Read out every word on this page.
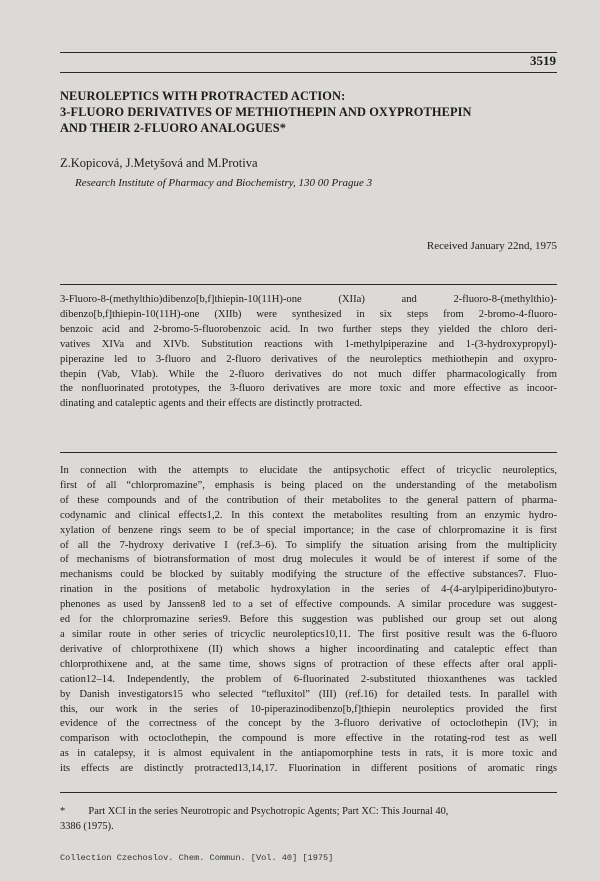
3519
NEUROLEPTICS WITH PROTRACTED ACTION:
3-FLUORO DERIVATIVES OF METHIOTHEPIN AND OXYPROTHEPIN
AND THEIR 2-FLUORO ANALOGUES*
Z.Kopicová, J.Metyšová and M.Protiva
Research Institute of Pharmacy and Biochemistry, 130 00 Prague 3
Received January 22nd, 1975
3-Fluoro-8-(methylthio)dibenzo[b,f]thiepin-10(11H)-one (XIIa) and 2-fluoro-8-(methylthio)-
dibenzo[b,f]thiepin-10(11H)-one (XIIb) were synthesized in six steps from 2-bromo-4-fluoro-
benzoic acid and 2-bromo-5-fluorobenzoic acid. In two further steps they yielded the chloro deri-
vatives XIVa and XIVb. Substitution reactions with 1-methylpiperazine and 1-(3-hydroxypropyl)-
piperazine led to 3-fluoro and 2-fluoro derivatives of the neuroleptics methiothepin and oxypro-
thepin (Vab, VIab). While the 2-fluoro derivatives do not much differ pharmacologically from
the nonfluorinated prototypes, the 3-fluoro derivatives are more toxic and more effective as incoor-
dinating and cataleptic agents and their effects are distinctly protracted.
In connection with the attempts to elucidate the antipsychotic effect of tricyclic neuroleptics,
first of all “chlorpromazine”, emphasis is being placed on the understanding of the metabolism
of these compounds and of the contribution of their metabolites to the general pattern of pharma-
codynamic and clinical effects1,2. In this context the metabolites resulting from an enzymic hydro-
xylation of benzene rings seem to be of special importance; in the case of chlorpromazine it is first
of all the 7-hydroxy derivative I (ref.3–6). To simplify the situation arising from the multiplicity
of mechanisms of biotransformation of most drug molecules it would be of interest if some of the
mechanisms could be blocked by suitably modifying the structure of the effective substances7. Fluo-
rination in the positions of metabolic hydroxylation in the series of 4-(4-arylpiperidino)butyro-
phenones as used by Janssen8 led to a set of effective compounds. A similar procedure was suggest-
ed for the chlorpromazine series9. Before this suggestion was published our group set out along
a similar route in other series of tricyclic neuroleptics10,11. The first positive result was the 6-fluoro
derivative of chlorprothixene (II) which shows a higher incoordinating and cataleptic effect than
chlorprothixene and, at the same time, shows signs of protraction of these effects after oral appli-
cation12–14. Independently, the problem of 6-fluorinated 2-substituted thioxanthenes was tackled
by Danish investigators15 who selected “tefluxitol” (III) (ref.16) for detailed tests. In parallel with
this, our work in the series of 10-piperazinodibenzo[b,f]thiepin neuroleptics provided the first
evidence of the correctness of the concept by the 3-fluoro derivative of octoclothepin (IV); in
comparison with octoclothepin, the compound is more effective in the rotating-rod test as well
as in catalepsy, it is almost equivalent in the antiapomorphine tests in rats, it is more toxic and
its effects are distinctly protracted13,14,17. Fluorination in different positions of aromatic rings
* Part XCI in the series Neurotropic and Psychotropic Agents; Part XC: This Journal 40,
3386 (1975).
Collection Czechoslov. Chem. Commun. [Vol. 40] [1975]
